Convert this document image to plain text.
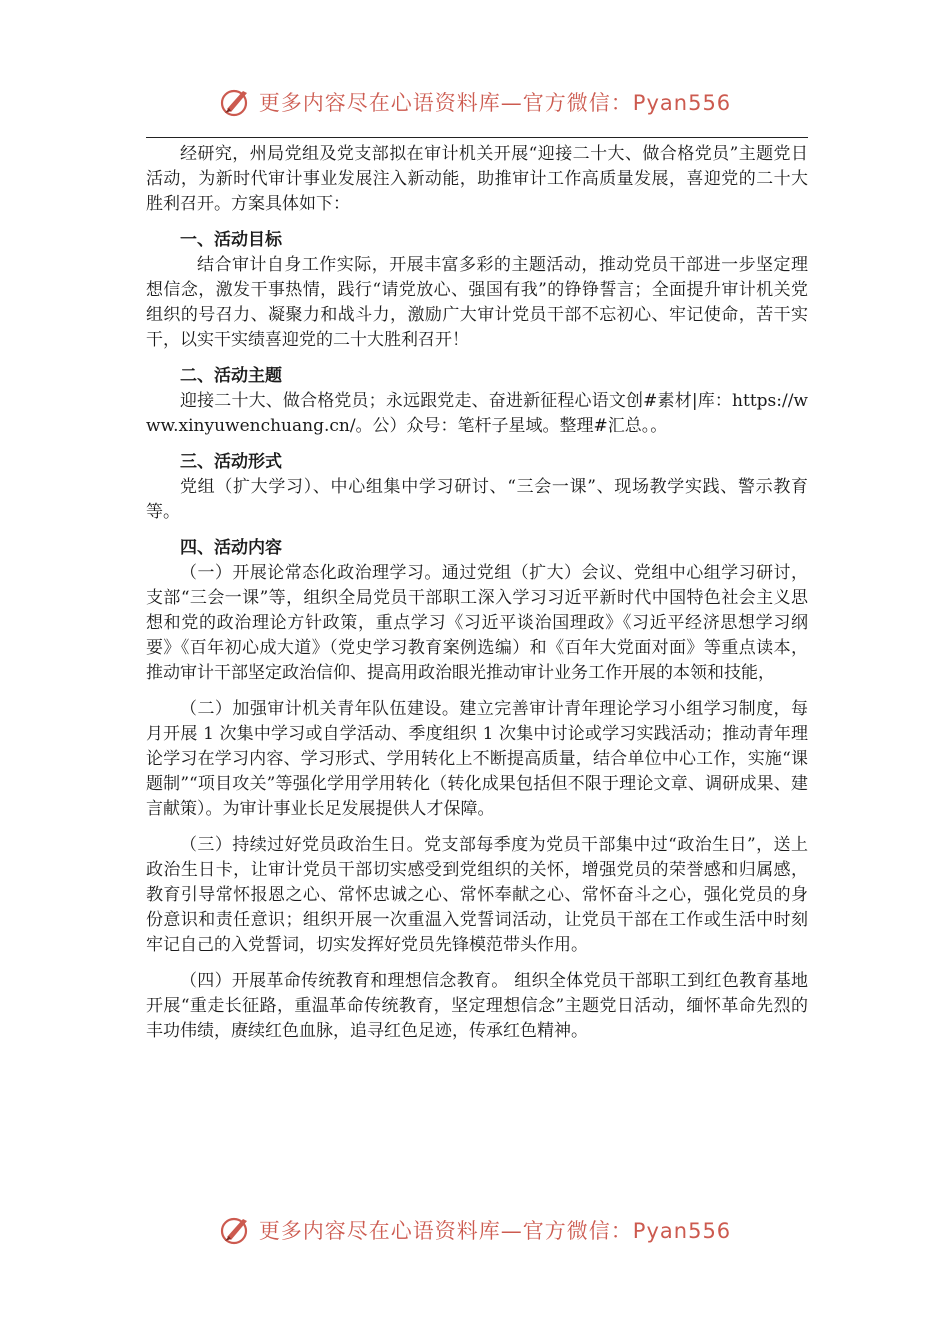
更多内容尽在心语资料库—官方微信：Pyan556

经研究，州局党组及党支部拟在审计机关开展“迎接二十大、做合格党员”主题党日活动，为新时代审计事业发展注入新动能，助推审计工作高质量发展，喜迎党的二十大胜利召开。方案具体如下：

一、活动目标

结合审计自身工作实际，开展丰富多彩的主题活动，推动党员干部进一步坚定理想信念，激发干事热情，践行“请党放心、强国有我”的铮铮誓言；全面提升审计机关党组织的号召力、凝聚力和战斗力，激励广大审计党员干部不忘初心、牢记使命，苦干实干，以实干实绩喜迎党的二十大胜利召开！

二、活动主题

迎接二十大、做合格党员；永远跟党走、奋进新征程心语文创#素材|库：https://www.xinyuwenchuang.cn/。公）众号：笔杆子星域。整理#汇总。。

三、活动形式

党组（扩大学习）、中心组集中学习研讨、“三会一课”、现场教学实践、警示教育等。

四、活动内容

（一）开展论常态化政治理学习。通过党组（扩大）会议、党组中心组学习研讨，支部“三会一课”等，组织全局党员干部职工深入学习习近平新时代中国特色社会主义思想和党的政治理论方针政策，重点学习《习近平谈治国理政》《习近平经济思想学习纲要》《百年初心成大道》（党史学习教育案例选编）和《百年大党面对面》等重点读本，推动审计干部坚定政治信仰、提高用政治眼光推动审计业务工作开展的本领和技能，

（二）加强审计机关青年队伍建设。建立完善审计青年理论学习小组学习制度，每月开展 1 次集中学习或自学活动、季度组织 1 次集中讨论或学习实践活动；推动青年理论学习在学习内容、学习形式、学用转化上不断提高质量，结合单位中心工作，实施“课题制”“项目攻关”等强化学用学用转化（转化成果包括但不限于理论文章、调研成果、建言献策）。为审计事业长足发展提供人才保障。

（三）持续过好党员政治生日。党支部每季度为党员干部集中过“政治生日”，送上政治生日卡，让审计党员干部切实感受到党组织的关怀，增强党员的荣誉感和归属感，教育引导常怀报恩之心、常怀忠诚之心、常怀奉献之心、常怀奋斗之心，强化党员的身份意识和责任意识；组织开展一次重温入党誓词活动，让党员干部在工作或生活中时刻牢记自己的入党誓词，切实发挥好党员先锋模范带头作用。

（四）开展革命传统教育和理想信念教育。 组织全体党员干部职工到红色教育基地开展“重走长征路，重温革命传统教育，坚定理想信念”主题党日活动，缅怀革命先烈的丰功伟绩，赓续红色血脉，追寻红色足迹，传承红色精神。

更多内容尽在心语资料库—官方微信：Pyan556
